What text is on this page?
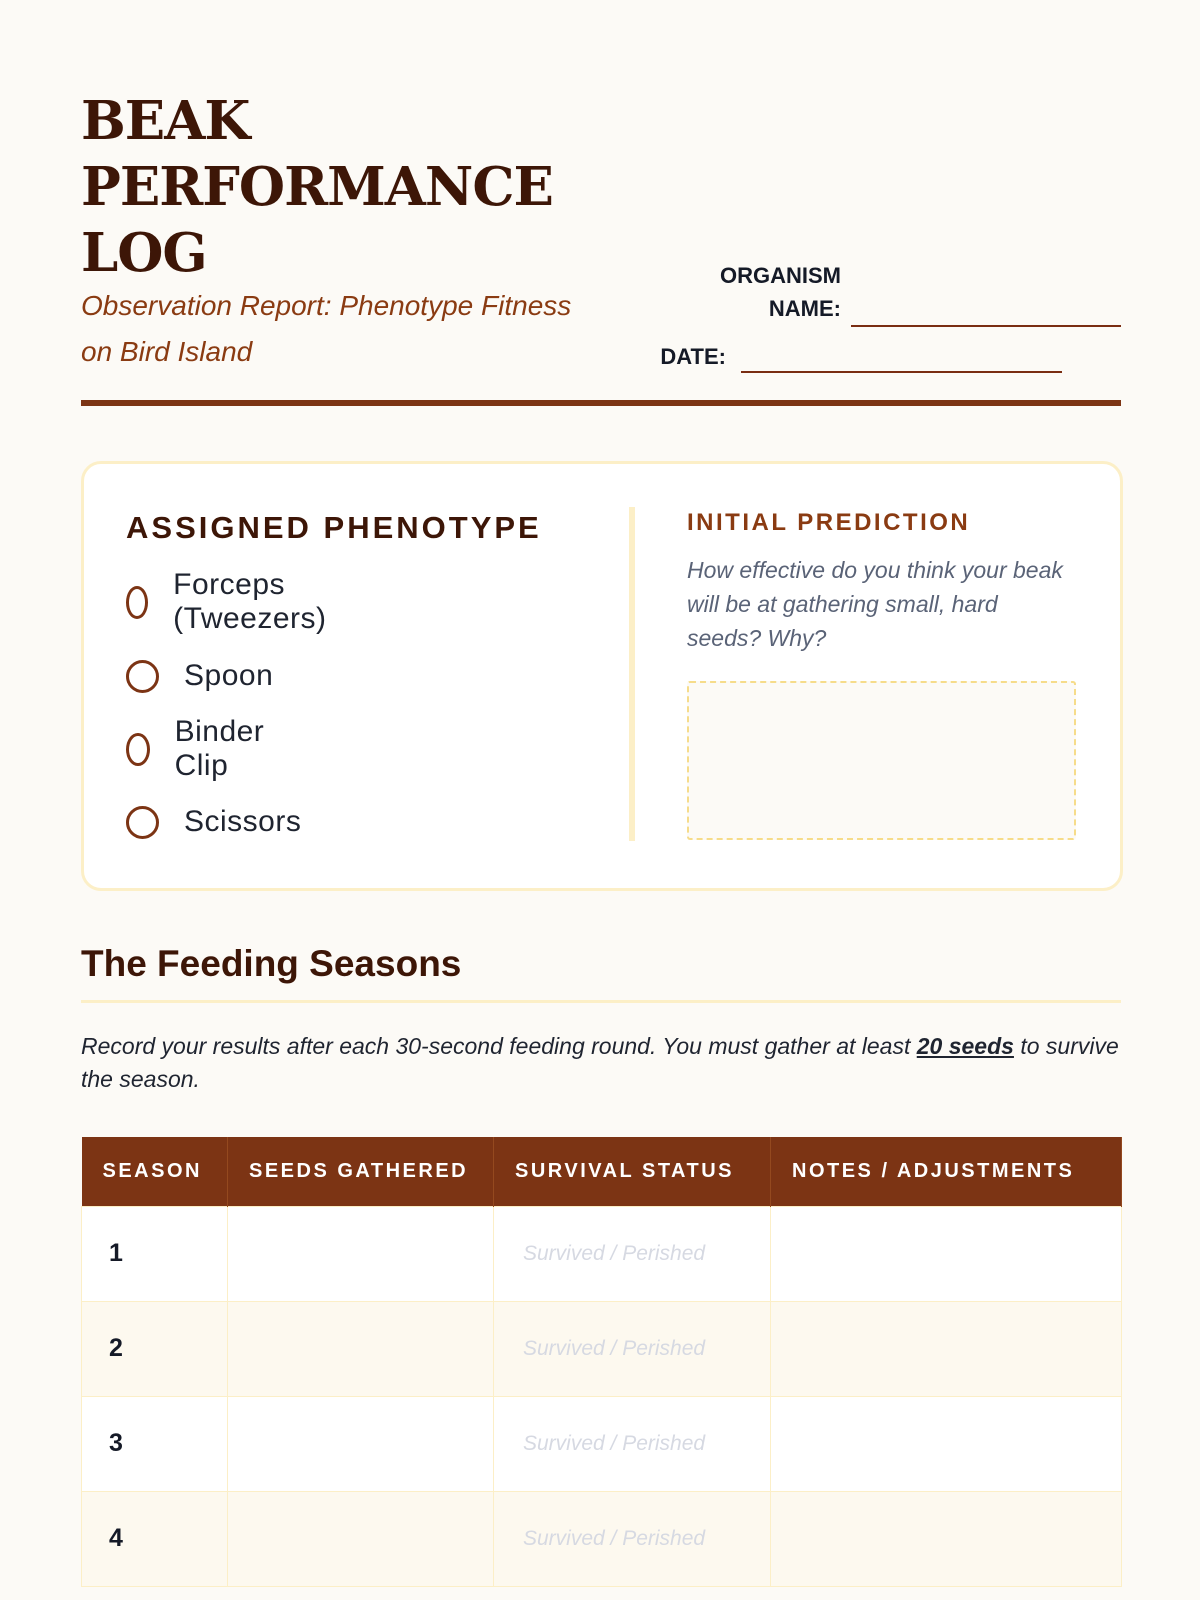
BEAK
PERFORMANCE
LOG
Observation Report: Phenotype Fitness
on Bird Island
ORGANISM
NAME:
DATE:
ASSIGNED PHENOTYPE
Forceps (Tweezers)
Spoon
Binder Clip
Scissors
INITIAL PREDICTION
How effective do you think your beak will be at gathering small, hard seeds? Why?
The Feeding Seasons
Record your results after each 30-second feeding round. You must gather at least 20 seeds to survive the season.
SEASON	SEEDS GATHERED	SURVIVAL STATUS	NOTES / ADJUSTMENTS
1		Survived / Perished	
2		Survived / Perished	
3		Survived / Perished	
4		Survived / Perished	
